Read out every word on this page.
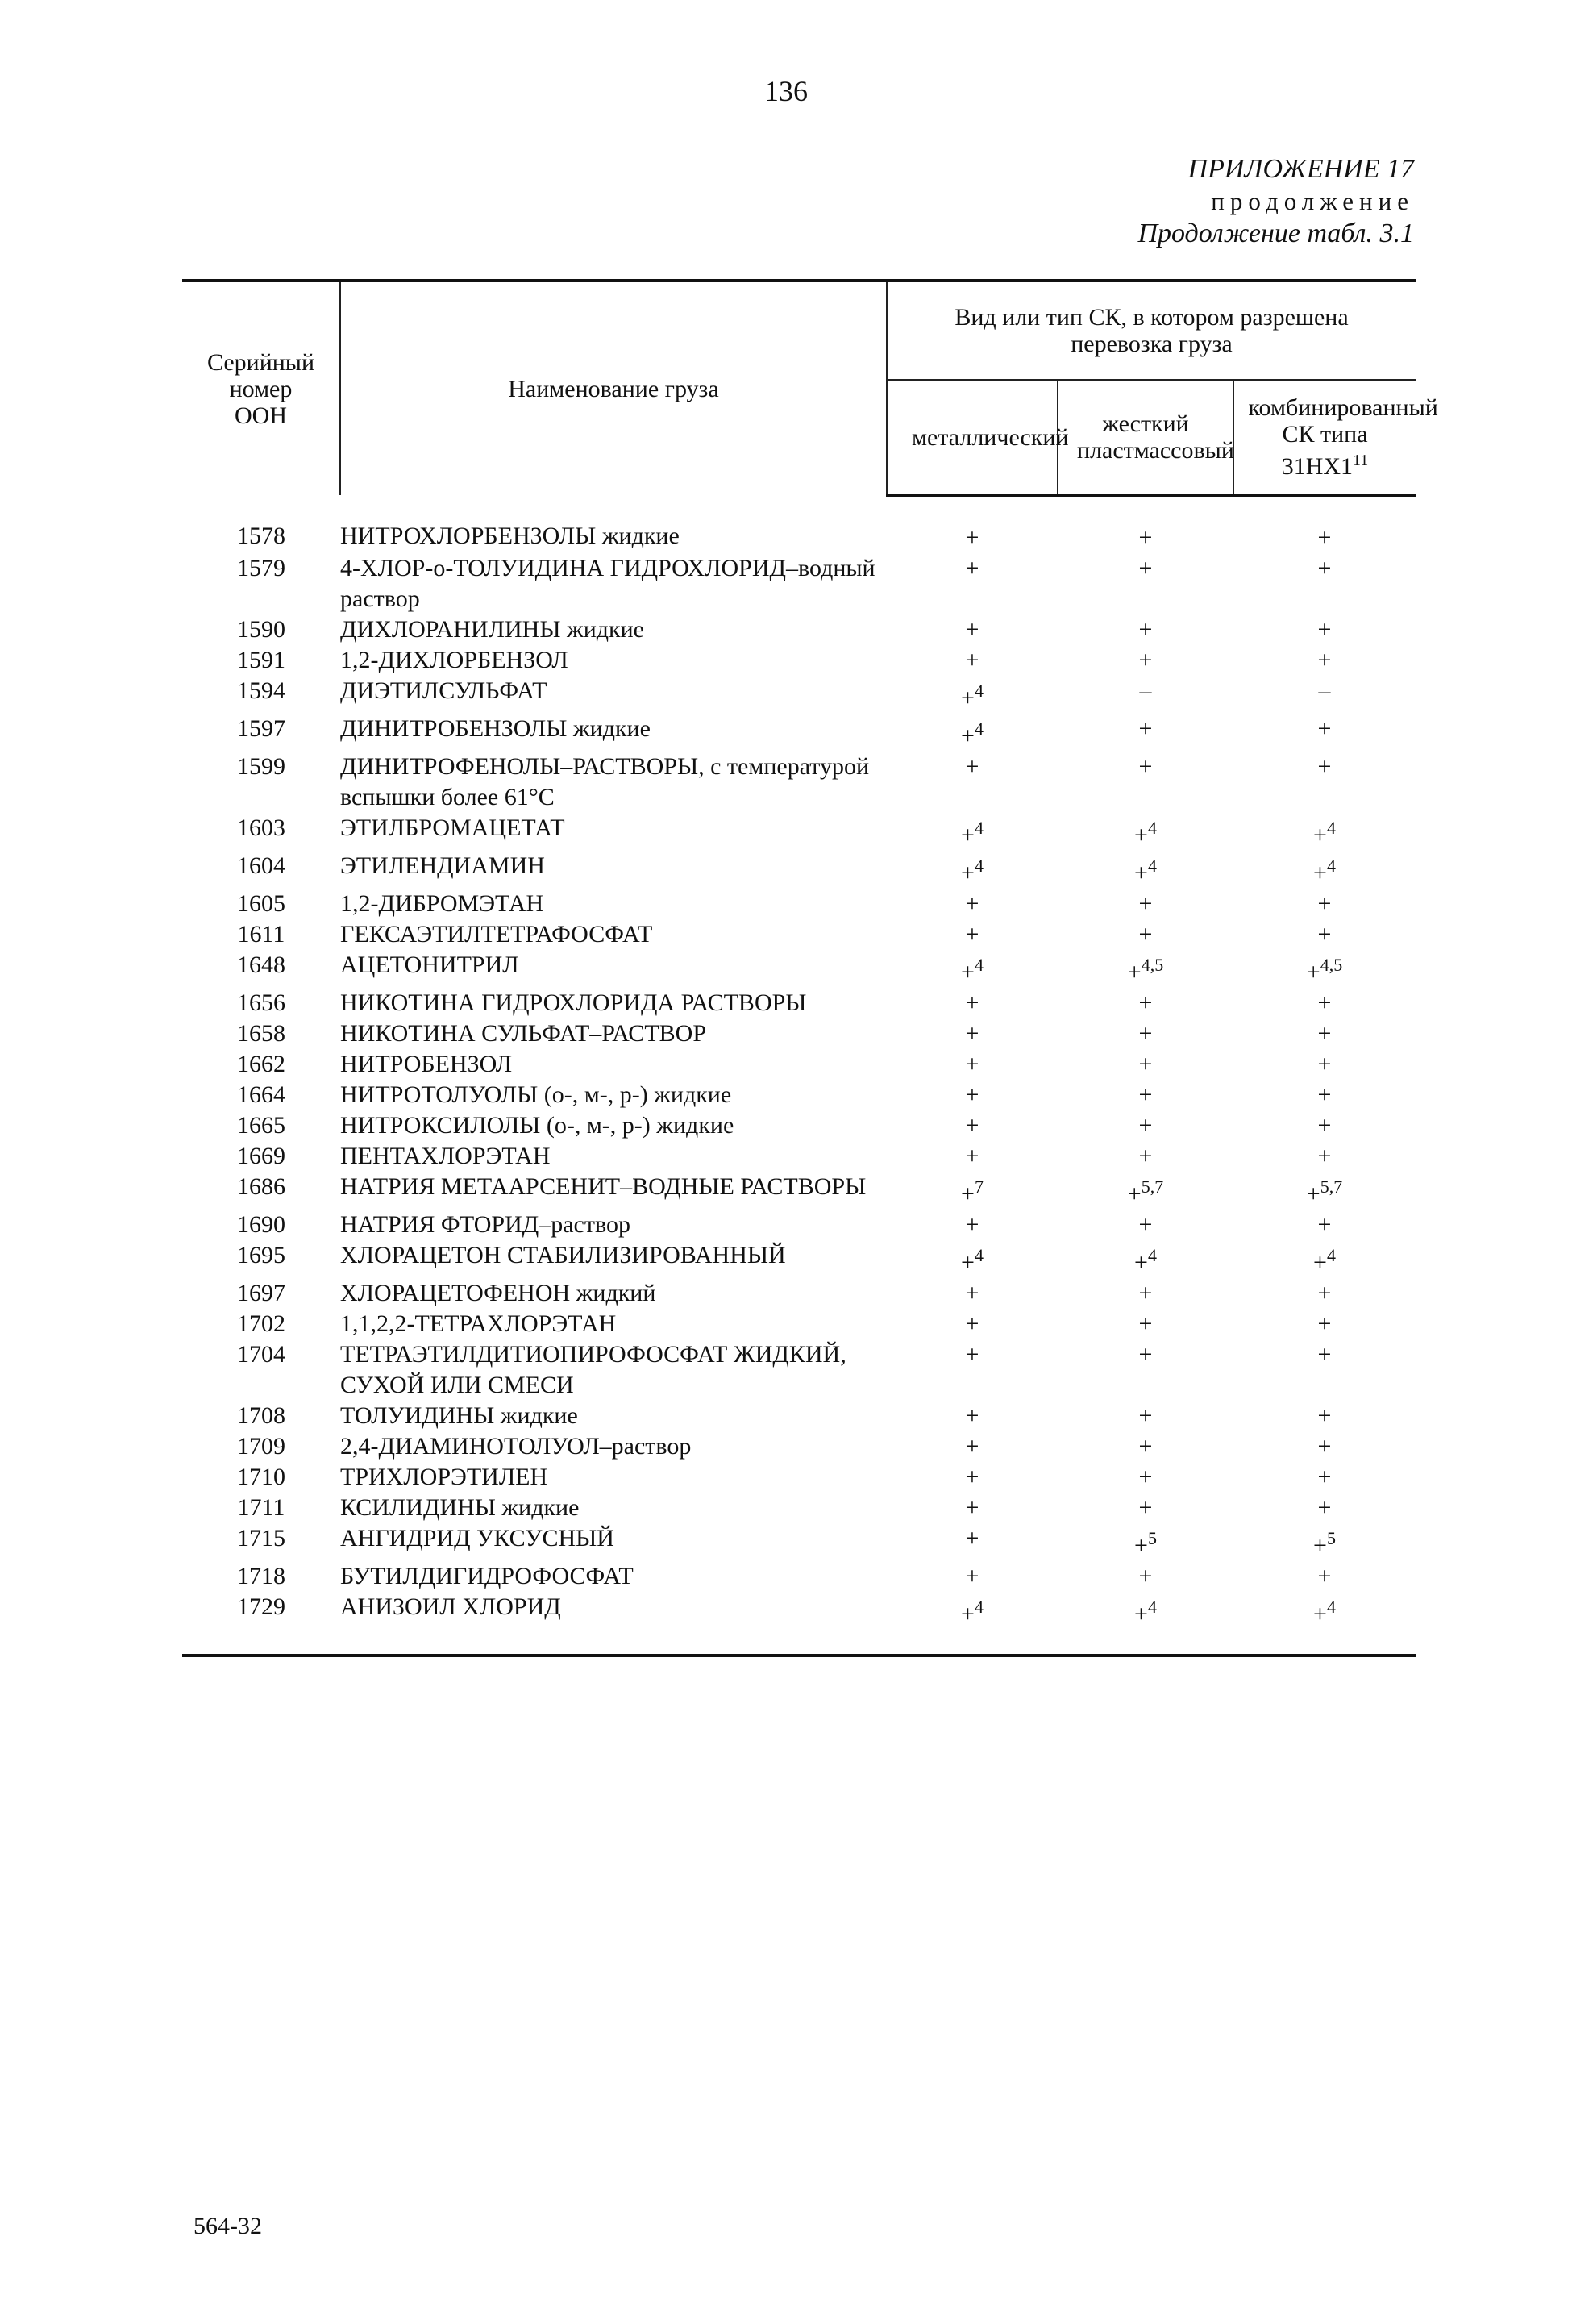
136
ПРИЛОЖЕНИЕ 17
продолжение
Продолжение табл. 3.1
Серийный номер ООН	Наименование груза	Вид или тип СК, в котором разрешена перевозка груза		
		металлический	жесткий пластмассовый	комбинированный СК типа $31НХ1^{11}$
1578	НИТРОХЛОРБЕНЗОЛЫ жидкие	+	+	+
1579	4-ХЛОР-о-ТОЛУИДИНА ГИДРОХЛОРИД–водный раствор	+	+	+
1590	ДИХЛОРАНИЛИНЫ жидкие	+	+	+
1591	1,2-ДИХЛОРБЕНЗОЛ	+	+	+
1594	ДИЭТИЛСУЛЬФАТ	+$^4$	–	–
1597	ДИНИТРОБЕНЗОЛЫ жидкие	+$^4$	+	+
1599	ДИНИТРОФЕНОЛЫ–РАСТВОРЫ, с температурой вспышки более 61°С	+	+	+
1603	ЭТИЛБРОМАЦЕТАТ	+$^4$	+$^4$	+$^4$
1604	ЭТИЛЕНДИАМИН	+$^4$	+$^4$	+$^4$
1605	1,2-ДИБРОМЭТАН	+	+	+
1611	ГЕКСАЭТИЛТЕТРАФОСФАТ	+	+	+
1648	АЦЕТОНИТРИЛ	+$^4$	+$^{4,5}$	+$^{4,5}$
1656	НИКОТИНА ГИДРОХЛОРИДА РАСТВОРЫ	+	+	+
1658	НИКОТИНА СУЛЬФАТ–РАСТВОР	+	+	+
1662	НИТРОБЕНЗОЛ	+	+	+
1664	НИТРОТОЛУОЛЫ (о-, м-, р-) жидкие	+	+	+
1665	НИТРОКСИЛОЛЫ (о-, м-, р-) жидкие	+	+	+
1669	ПЕНТАХЛОРЭТАН	+	+	+
1686	НАТРИЯ МЕТААРСЕНИТ–ВОДНЫЕ РАСТВОРЫ	+$^7$	+$^{5,7}$	+$^{5,7}$
1690	НАТРИЯ ФТОРИД–раствор	+	+	+
1695	ХЛОРАЦЕТОН СТАБИЛИЗИРОВАННЫЙ	+$^4$	+$^4$	+$^4$
1697	ХЛОРАЦЕТОФЕНОН жидкий	+	+	+
1702	1,1,2,2-ТЕТРАХЛОРЭТАН	+	+	+
1704	ТЕТРАЭТИЛДИТИОПИРОФОСФАТ ЖИДКИЙ, СУХОЙ ИЛИ СМЕСИ	+	+	+
1708	ТОЛУИДИНЫ жидкие	+	+	+
1709	2,4-ДИАМИНОТОЛУОЛ–раствор	+	+	+
1710	ТРИХЛОРЭТИЛЕН	+	+	+
1711	КСИЛИДИНЫ жидкие	+	+	+
1715	АНГИДРИД УКСУСНЫЙ	+	+$^5$	+$^5$
1718	БУТИЛДИГИДРОФОСФАТ	+	+	+
1729	АНИЗОИЛ ХЛОРИД	+$^4$	+$^4$	+$^4$
564-32
